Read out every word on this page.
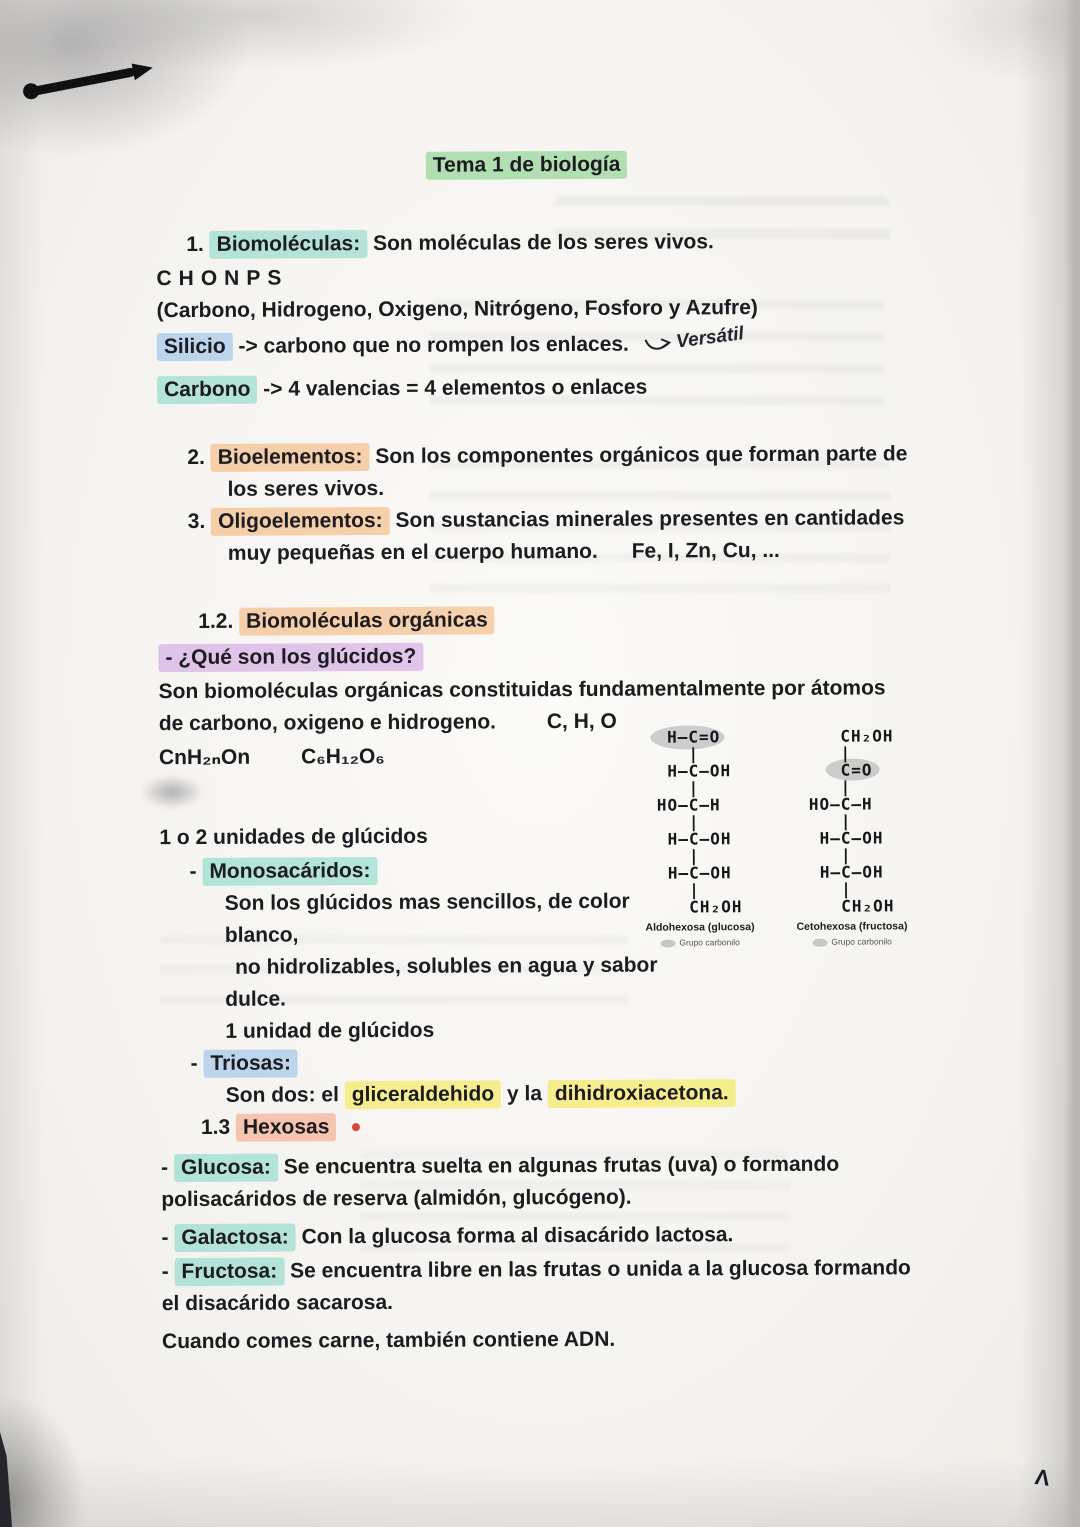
Tema 1 de biología
1. Biomoléculas: Son moléculas de los seres vivos.
CHONPS
(Carbono, Hidrogeno, Oxigeno, Nitrógeno, Fosforo y Azufre)
Silicio -> carbono que no rompen los enlaces. Versátil
Carbono -> 4 valencias = 4 elementos o enlaces
2. Bioelementos: Son los componentes orgánicos que forman parte de
los seres vivos.
3. Oligoelementos: Son sustancias minerales presentes en cantidades
muy pequeñas en el cuerpo humano. Fe, I, Zn, Cu, ...
1.2. Biomoléculas orgánicas
- ¿Qué son los glúcidos?
Son biomoléculas orgánicas constituidas fundamentalmente por átomos
de carbono, oxigeno e hidrogeno. C, H, O
CnH₂ₙOn C₆H₁₂O₆
1 o 2 unidades de glúcidos
- Monosacáridos:
Son los glúcidos mas sencillos, de color
blanco,
no hidrolizables, solubles en agua y sabor
dulce.
1 unidad de glúcidos
- Triosas:
Son dos: el gliceraldehido y la dihidroxiacetona.
1.3 Hexosas
- Glucosa: Se encuentra suelta en algunas frutas (uva) o formando
polisacáridos de reserva (almidón, glucógeno).
- Galactosa: Con la glucosa forma al disacárido lactosa.
- Fructosa: Se encuentra libre en las frutas o unida a la glucosa formando
el disacárido sacarosa.
Cuando comes carne, también contiene ADN.
H—C=O
|
H—C—OH
|
HO—C—H
|
H—C—OH
|
H—C—OH
|
CH₂OH
Aldohexosa (glucosa)
Grupo carbonilo
CH₂OH
|
C=O
|
HO—C—H
|
H—C—OH
|
H—C—OH
|
CH₂OH
Cetohexosa (fructosa)
Grupo carbonilo
Λ
